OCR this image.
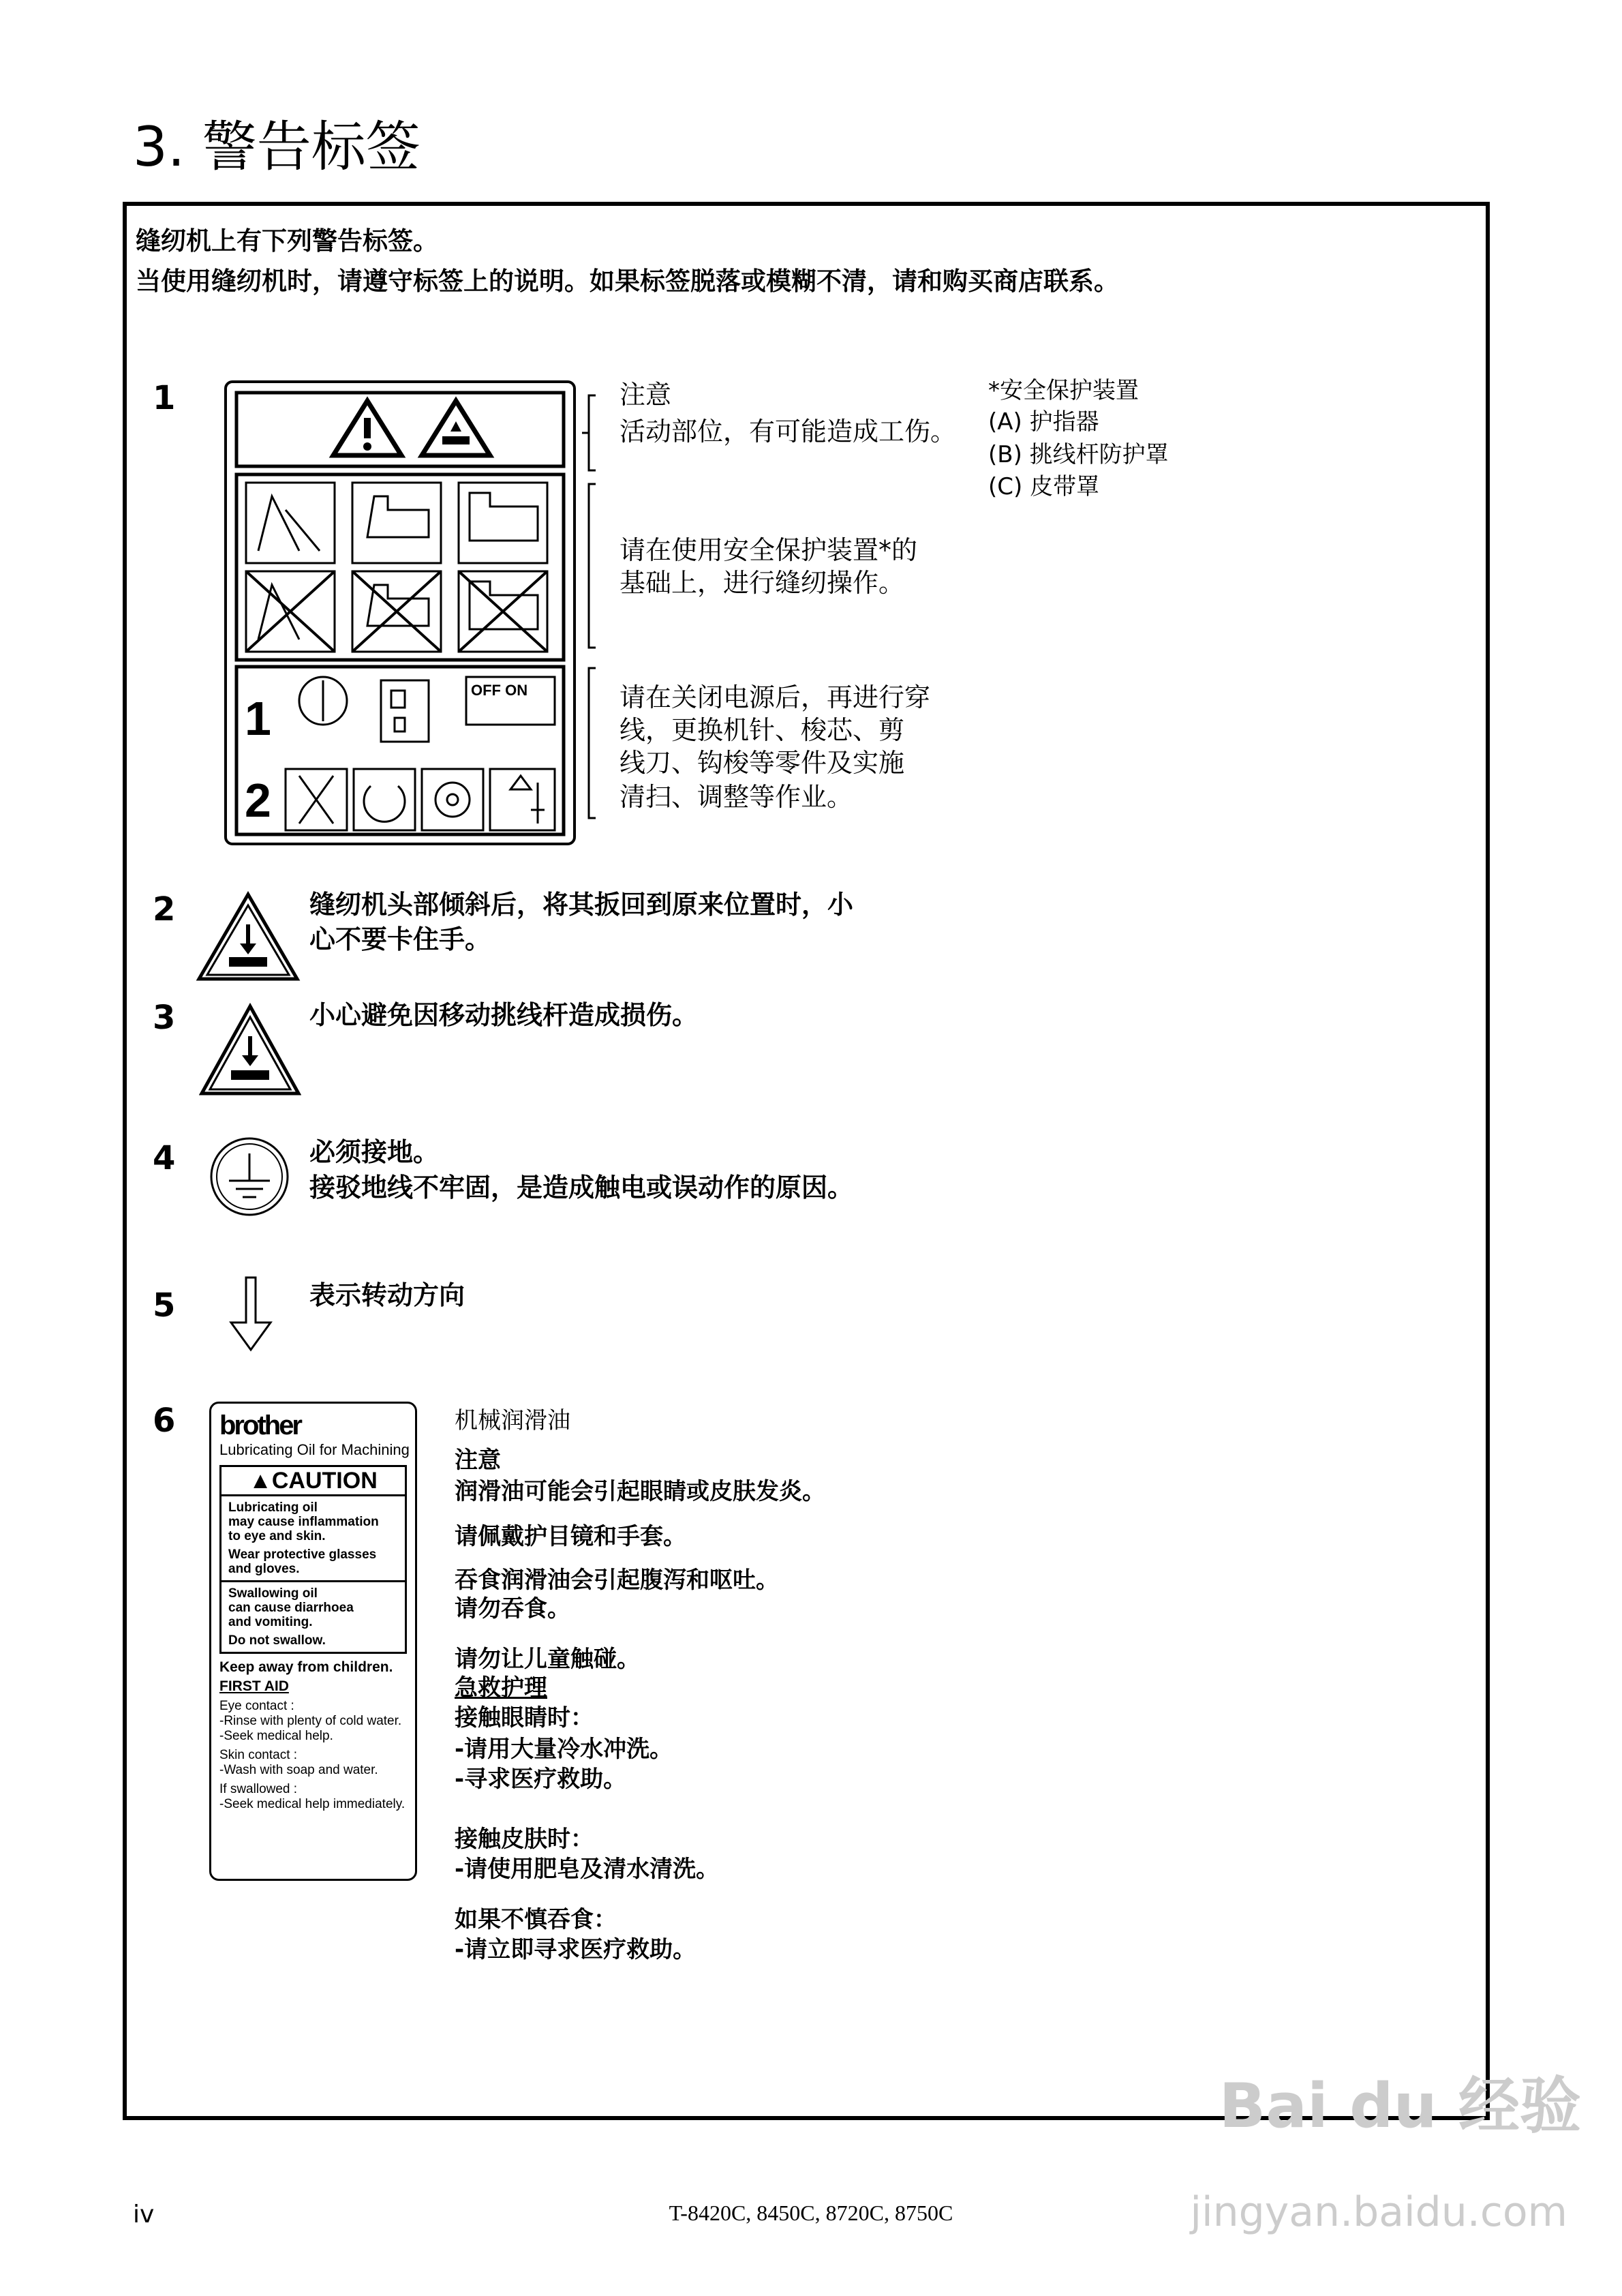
3. 警告标签
缝纫机上有下列警告标签。
当使用缝纫机时，请遵守标签上的说明。如果标签脱落或模糊不清，请和购买商店联系。
1
1
2
OFF ON
注意
活动部位，有可能造成工伤。
请在使用安全保护装置*的
基础上，进行缝纫操作。
请在关闭电源后，再进行穿
线，更换机针、梭芯、剪
线刀、钩梭等零件及实施
清扫、调整等作业。
*安全保护装置
(A) 护指器
(B) 挑线杆防护罩
(C) 皮带罩
2	缝纫机头部倾斜后，将其扳回到原来位置时，小
心不要卡住手。
3	小心避免因移动挑线杆造成损伤。
4	必须接地。
接驳地线不牢固，是造成触电或误动作的原因。
5	表示转动方向
6 brother
Lubricating Oil for Machining
▲CAUTION
Lubricating oil
may cause inflammation
to eye and skin.
Wear protective glasses
and gloves.
Swallowing oil
can cause diarrhoea
and vomiting.
Do not swallow.
Keep away from children.
FIRST AID
Eye contact :
-Rinse with plenty of cold water.
-Seek medical help.
Skin contact :
-Wash with soap and water.
If swallowed :
-Seek medical help immediately.
机械润滑油
注意
润滑油可能会引起眼睛或皮肤发炎。
请佩戴护目镜和手套。
吞食润滑油会引起腹泻和呕吐。
请勿吞食。
请勿让儿童触碰。
急救护理
接触眼睛时：
-请用大量冷水冲洗。
-寻求医疗救助。
接触皮肤时：
-请使用肥皂及清水清洗。
如果不慎吞食：
-请立即寻求医疗救助。
iv	T-8420C, 8450C, 8720C, 8750C
Bai du 经验
jingyan.baidu.com
